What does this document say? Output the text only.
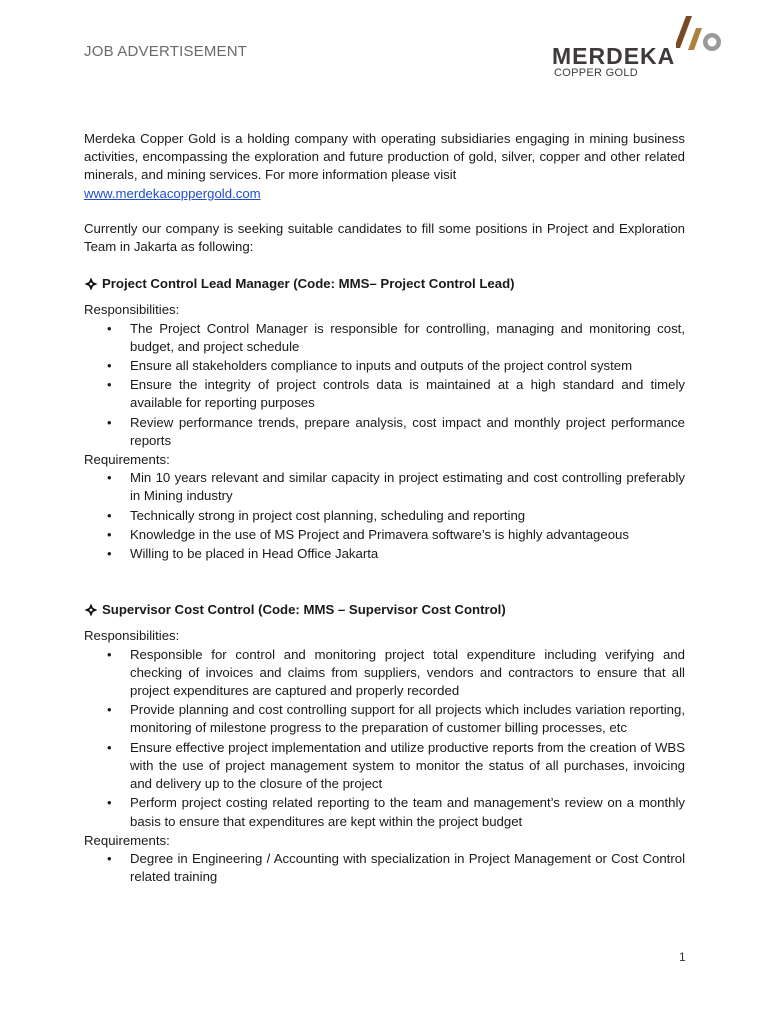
JOB ADVERTISEMENT	MERDEKA
COPPER GOLD

Merdeka Copper Gold is a holding company with operating subsidiaries engaging in mining business activities, encompassing the exploration and future production of gold, silver, copper and other related minerals, and mining services. For more information please visit
www.merdekacoppergold.com

Currently our company is seeking suitable candidates to fill some positions in Project and Exploration Team in Jakarta as following:

Project Control Lead Manager (Code: MMS– Project Control Lead)

Responsibilities:

• The Project Control Manager is responsible for controlling, managing and monitoring cost, budget, and project schedule
• Ensure all stakeholders compliance to inputs and outputs of the project control system
• Ensure the integrity of project controls data is maintained at a high standard and timely available for reporting purposes
• Review performance trends, prepare analysis, cost impact and monthly project performance reports

Requirements:

• Min 10 years relevant and similar capacity in project estimating and cost controlling preferably in Mining industry
• Technically strong in project cost planning, scheduling and reporting
• Knowledge in the use of MS Project and Primavera software’s is highly advantageous
• Willing to be placed in Head Office Jakarta
Supervisor Cost Control (Code: MMS – Supervisor Cost Control)

Responsibilities:

• Responsible for control and monitoring project total expenditure including verifying and checking of invoices and claims from suppliers, vendors and contractors to ensure that all project expenditures are captured and properly recorded
• Provide planning and cost controlling support for all projects which includes variation reporting, monitoring of milestone progress to the preparation of customer billing processes, etc
• Ensure effective project implementation and utilize productive reports from the creation of WBS with the use of project management system to monitor the status of all purchases, invoicing and delivery up to the closure of the project
• Perform project costing related reporting to the team and management’s review on a monthly basis to ensure that expenditures are kept within the project budget

Requirements:

• Degree in Engineering / Accounting with specialization in Project Management or Cost Control related training
1
